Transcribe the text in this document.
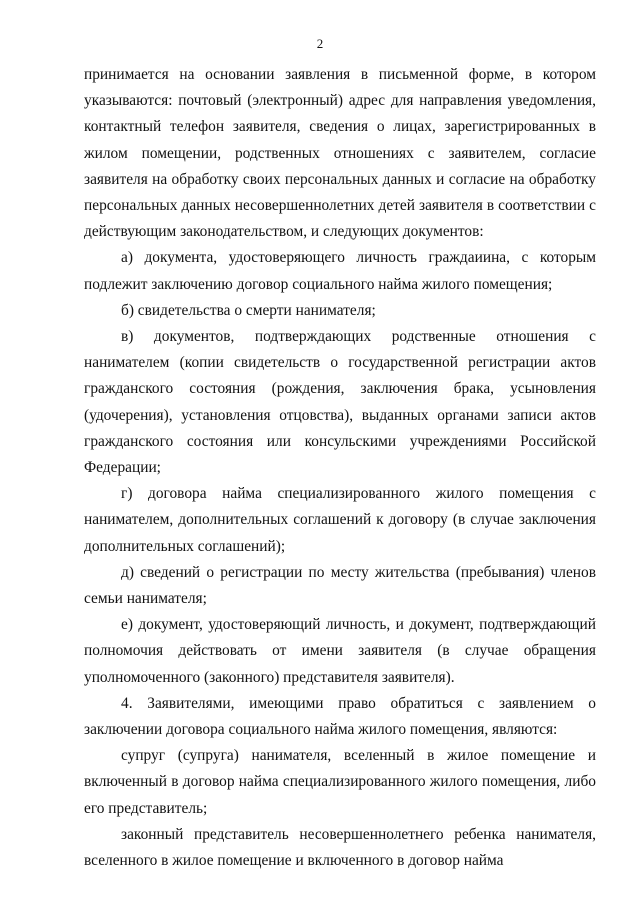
2

принимается на основании заявления в письменной форме, в котором указываются: почтовый (электронный) адрес для направления уведомления, контактный телефон заявителя, сведения о лицах, зарегистрированных в жилом помещении, родственных отношениях с заявителем, согласие заявителя на обработку своих персональных данных и согласие на обработку персональных данных несовершеннолетних детей заявителя в соответствии с действующим законодательством, и следующих документов:

а) документа, удостоверяющего личность граждаиина, с которым подлежит заключению договор социального найма жилого помещения;

б) свидетельства о смерти нанимателя;

в) документов, подтверждающих родственные отношения с нанимателем (копии свидетельств о государственной регистрации актов гражданского состояния (рождения, заключения брака, усыновления (удочерения), установления отцовства), выданных органами записи актов гражданского состояния или консульскими учреждениями Российской Федерации;

г) договора найма специализированного жилого помещения с нанимателем, дополнительных соглашений к договору (в случае заключения дополнительных соглашений);

д) сведений о регистрации по месту жительства (пребывания) членов семьи нанимателя;

е) документ, удостоверяющий личность, и документ, подтверждающий полномочия действовать от имени заявителя (в случае обращения уполномоченного (законного) представителя заявителя).

4. Заявителями, имеющими право обратиться с заявлением о заключении договора социального найма жилого помещения, являются:

супруг (супруга) нанимателя, вселенный в жилое помещение и включенный в договор найма специализированного жилого помещения, либо его представитель;

законный представитель несовершеннолетнего ребенка нанимателя, вселенного в жилое помещение и включенного в договор найма
